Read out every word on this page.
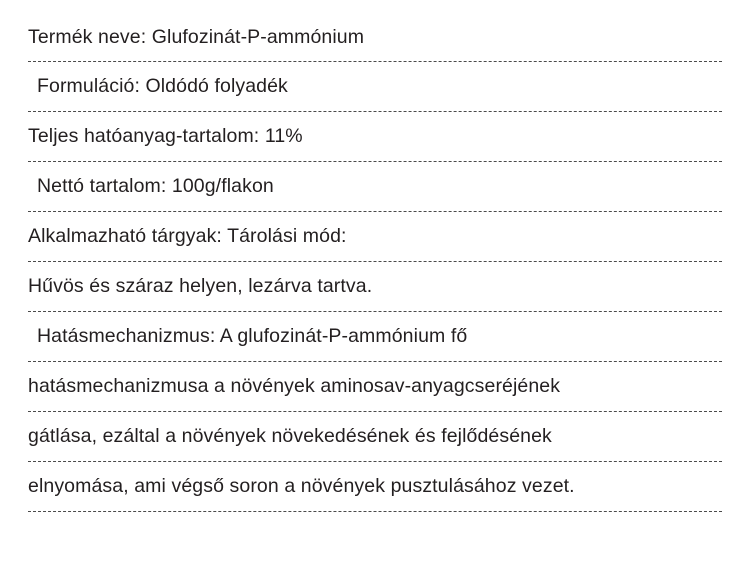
Termék neve: Glufozinát-P-ammónium
Formuláció: Oldódó folyadék
Teljes hatóanyag-tartalom: 11%
Nettó tartalom: 100g/flakon
Alkalmazható tárgyak: Tárolási mód:
Hűvös és száraz helyen, lezárva tartva.
Hatásmechanizmus: A glufozinát-P-ammónium fő
hatásmechanizmusa a növények aminosav-anyagcseréjének
gátlása, ezáltal a növények növekedésének és fejlődésének
elnyomása, ami végső soron a növények pusztulásához vezet.
